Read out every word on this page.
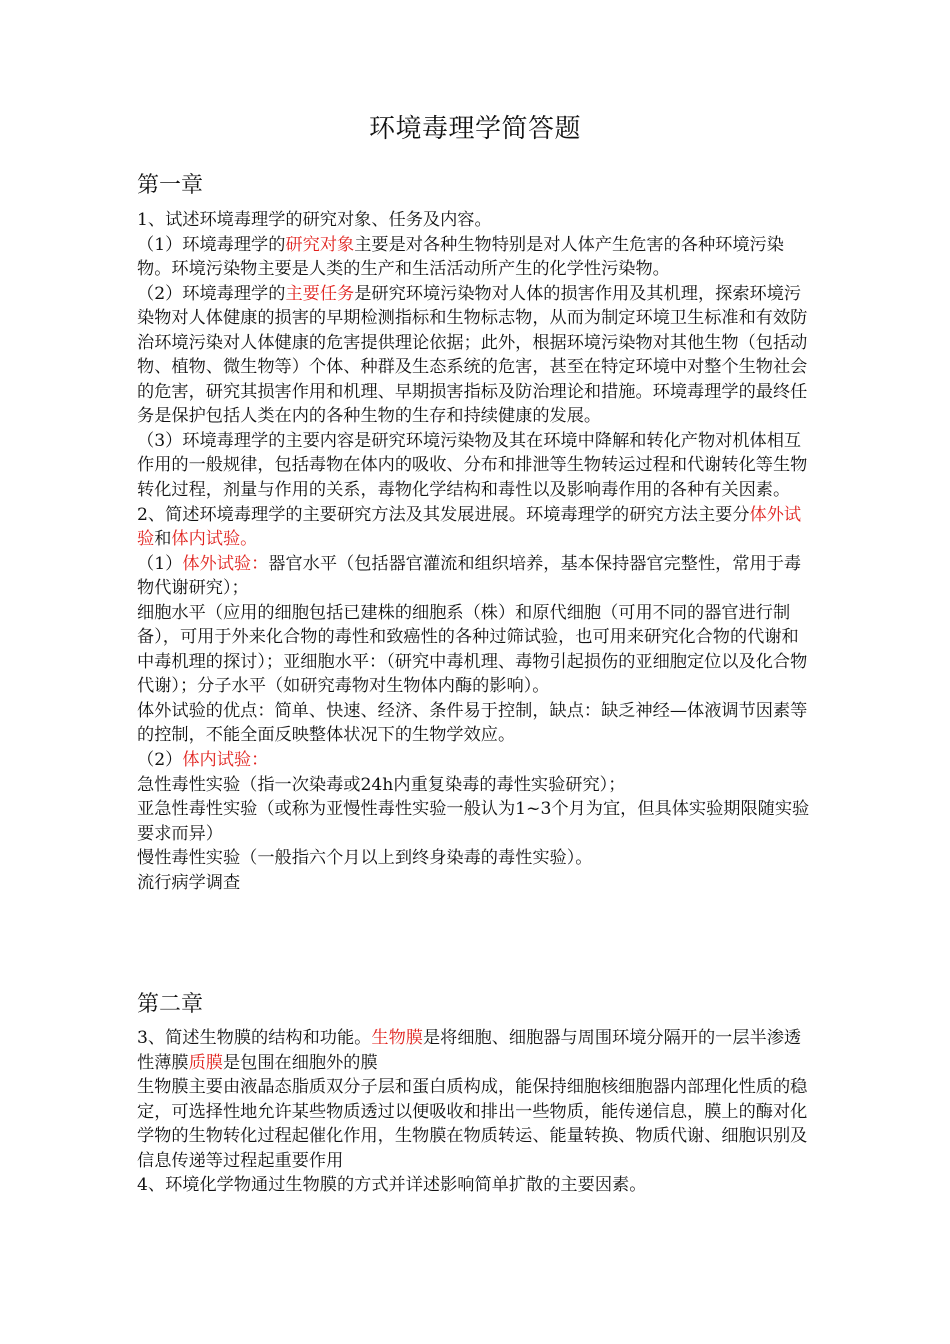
环境毒理学简答题
第一章

1、试述环境毒理学的研究对象、任务及内容。

（1）环境毒理学的研究对象主要是对各种生物特别是对人体产生危害的各种环境污染物。环境污染物主要是人类的生产和生活活动所产生的化学性污染物。

（2）环境毒理学的主要任务是研究环境污染物对人体的损害作用及其机理，探索环境污染物对人体健康的损害的早期检测指标和生物标志物，从而为制定环境卫生标准和有效防治环境污染对人体健康的危害提供理论依据；此外，根据环境污染物对其他生物（包括动物、植物、微生物等）个体、种群及生态系统的危害，甚至在特定环境中对整个生物社会的危害，研究其损害作用和机理、早期损害指标及防治理论和措施。环境毒理学的最终任务是保护包括人类在内的各种生物的生存和持续健康的发展。

（3）环境毒理学的主要内容是研究环境污染物及其在环境中降解和转化产物对机体相互作用的一般规律，包括毒物在体内的吸收、分布和排泄等生物转运过程和代谢转化等生物转化过程，剂量与作用的关系，毒物化学结构和毒性以及影响毒作用的各种有关因素。

2、简述环境毒理学的主要研究方法及其发展进展。环境毒理学的研究方法主要分体外试验和体内试验。

（1）体外试验：器官水平（包括器官灌流和组织培养，基本保持器官完整性，常用于毒物代谢研究）；

细胞水平（应用的细胞包括已建株的细胞系（株）和原代细胞（可用不同的器官进行制备），可用于外来化合物的毒性和致癌性的各种过筛试验，也可用来研究化合物的代谢和中毒机理的探讨）；亚细胞水平：（研究中毒机理、毒物引起损伤的亚细胞定位以及化合物代谢）；分子水平（如研究毒物对生物体内酶的影响）。

体外试验的优点：简单、快速、经济、条件易于控制，缺点：缺乏神经—体液调节因素等的控制，不能全面反映整体状况下的生物学效应。

（2）体内试验：

急性毒性实验（指一次染毒或24h内重复染毒的毒性实验研究）；

亚急性毒性实验（或称为亚慢性毒性实验一般认为1~3个月为宜，但具体实验期限随实验要求而异）

慢性毒性实验（一般指六个月以上到终身染毒的毒性实验）。

流行病学调查

第二章

3、简述生物膜的结构和功能。生物膜是将细胞、细胞器与周围环境分隔开的一层半渗透性薄膜质膜是包围在细胞外的膜

生物膜主要由液晶态脂质双分子层和蛋白质构成，能保持细胞核细胞器内部理化性质的稳定，可选择性地允许某些物质透过以便吸收和排出一些物质，能传递信息，膜上的酶对化学物的生物转化过程起催化作用，生物膜在物质转运、能量转换、物质代谢、细胞识别及信息传递等过程起重要作用

4、环境化学物通过生物膜的方式并详述影响简单扩散的主要因素。
